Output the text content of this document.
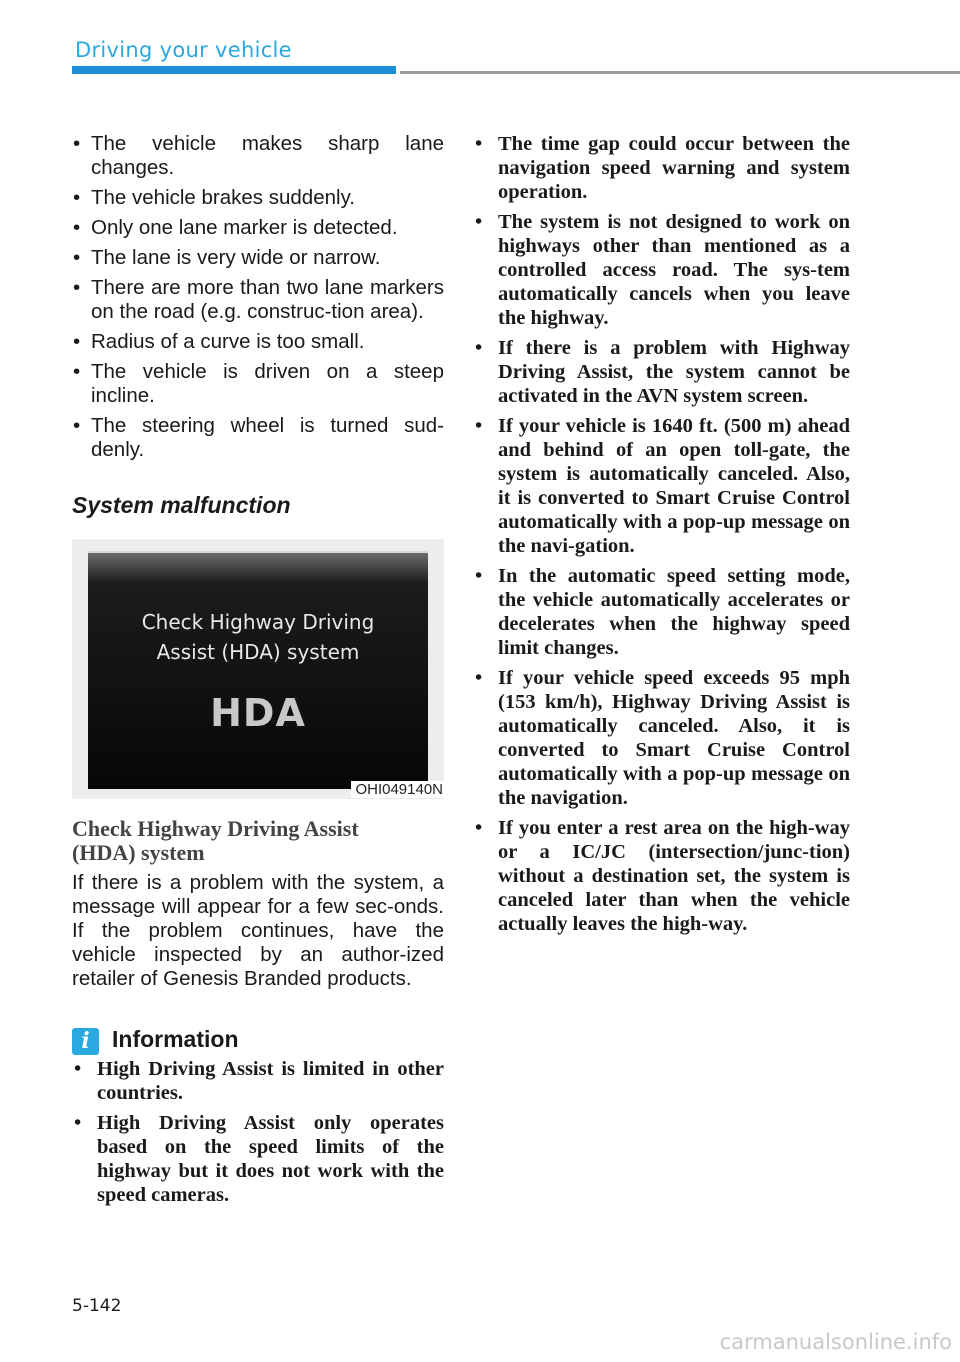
Driving your vehicle
• The vehicle makes sharp lane changes.
• The vehicle brakes suddenly.
• Only one lane marker is detected.
• The lane is very wide or narrow.
• There are more than two lane markers on the road (e.g. construc-tion area).
• Radius of a curve is too small.
• The vehicle is driven on a steep incline.
• The steering wheel is turned sud-denly.
System malfunction
Check Highway Driving
Assist (HDA) system
HDA
OHI049140N
Check Highway Driving Assist
(HDA) system
If there is a problem with the system, a message will appear for a few sec-onds. If the problem continues, have the vehicle inspected by an author-ized retailer of Genesis Branded products.
i Information
• High Driving Assist is limited in other countries.
• High Driving Assist only operates based on the speed limits of the highway but it does not work with the speed cameras.
• The time gap could occur between the navigation speed warning and system operation.
• The system is not designed to work on highways other than mentioned as a controlled access road. The sys-tem automatically cancels when you leave the highway.
• If there is a problem with Highway Driving Assist, the system cannot be activated in the AVN system screen.
• If your vehicle is 1640 ft. (500 m) ahead and behind of an open toll-gate, the system is automatically canceled. Also, it is converted to Smart Cruise Control automatically with a pop-up message on the navi-gation.
• In the automatic speed setting mode, the vehicle automatically accelerates or decelerates when the highway speed limit changes.
• If your vehicle speed exceeds 95 mph (153 km/h), Highway Driving Assist is automatically canceled. Also, it is converted to Smart Cruise Control automatically with a pop-up message on the navigation.
• If you enter a rest area on the high-way or a IC/JC (intersection/junc-tion) without a destination set, the system is canceled later than when the vehicle actually leaves the high-way.
5-142
carmanualsonline.info
